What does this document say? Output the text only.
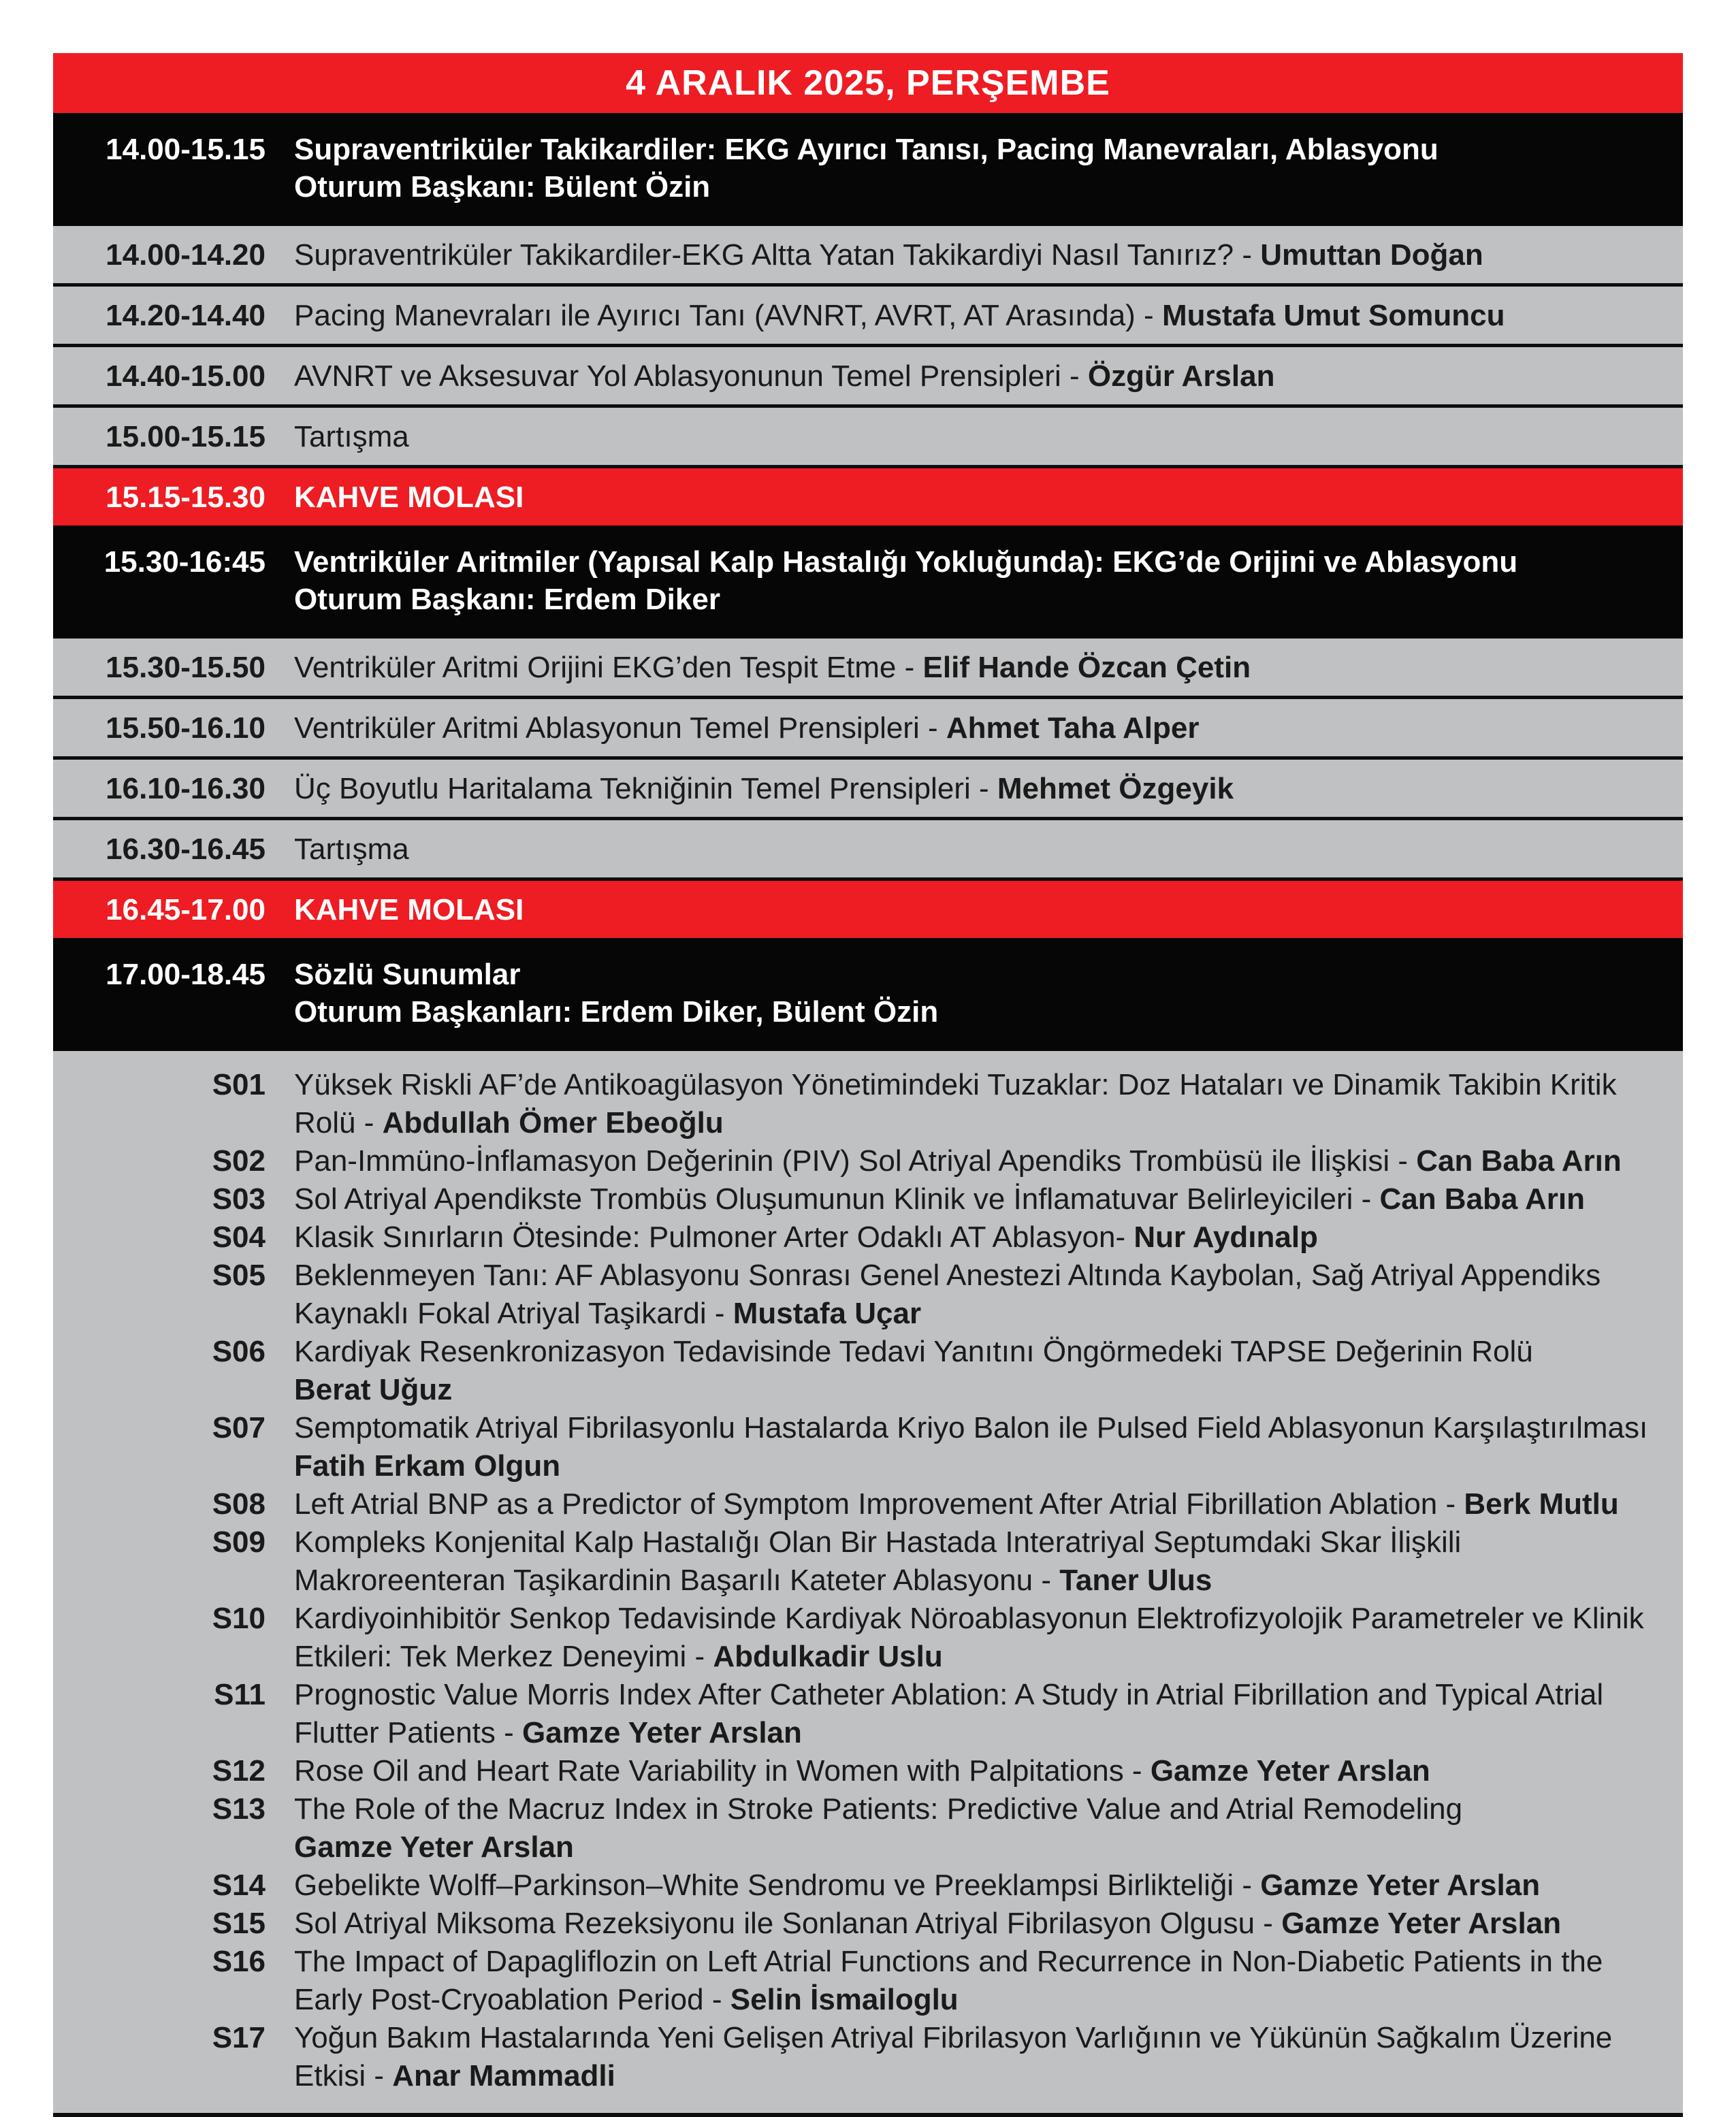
4 ARALIK 2025, PERŞEMBE
14.00-15.15 Supraventriküler Takikardiler: EKG Ayırıcı Tanısı, Pacing Manevraları, Ablasyonu
Oturum Başkanı: Bülent Özin
14.00-14.20 Supraventriküler Takikardiler-EKG Altta Yatan Takikardiyi Nasıl Tanırız? - Umuttan Doğan
14.20-14.40 Pacing Manevraları ile Ayırıcı Tanı (AVNRT, AVRT, AT Arasında) - Mustafa Umut Somuncu
14.40-15.00 AVNRT ve Aksesuvar Yol Ablasyonunun Temel Prensipleri - Özgür Arslan
15.00-15.15 Tartışma
15.15-15.30 KAHVE MOLASI
15.30-16:45 Ventriküler Aritmiler (Yapısal Kalp Hastalığı Yokluğunda): EKG’de Orijini ve Ablasyonu
Oturum Başkanı: Erdem Diker
15.30-15.50 Ventriküler Aritmi Orijini EKG’den Tespit Etme - Elif Hande Özcan Çetin
15.50-16.10 Ventriküler Aritmi Ablasyonun Temel Prensipleri - Ahmet Taha Alper
16.10-16.30 Üç Boyutlu Haritalama Tekniğinin Temel Prensipleri - Mehmet Özgeyik
16.30-16.45 Tartışma
16.45-17.00 KAHVE MOLASI
17.00-18.45 Sözlü Sunumlar
Oturum Başkanları: Erdem Diker, Bülent Özin
S01 Yüksek Riskli AF’de Antikoagülasyon Yönetimindeki Tuzaklar: Doz Hataları ve Dinamik Takibin Kritik Rolü - Abdullah Ömer Ebeoğlu
S02 Pan-Immüno-İnflamasyon Değerinin (PIV) Sol Atriyal Apendiks Trombüsü ile İlişkisi - Can Baba Arın
S03 Sol Atriyal Apendikste Trombüs Oluşumunun Klinik ve İnflamatuvar Belirleyicileri - Can Baba Arın
S04 Klasik Sınırların Ötesinde: Pulmoner Arter Odaklı AT Ablasyon- Nur Aydınalp
S05 Beklenmeyen Tanı: AF Ablasyonu Sonrası Genel Anestezi Altında Kaybolan, Sağ Atriyal Appendiks Kaynaklı Fokal Atriyal Taşikardi - Mustafa Uçar
S06 Kardiyak Resenkronizasyon Tedavisinde Tedavi Yanıtını Öngörmedeki TAPSE Değerinin Rolü
Berat Uğuz
S07 Semptomatik Atriyal Fibrilasyonlu Hastalarda Kriyo Balon ile Pulsed Field Ablasyonun Karşılaştırılması
Fatih Erkam Olgun
S08 Left Atrial BNP as a Predictor of Symptom Improvement After Atrial Fibrillation Ablation - Berk Mutlu
S09 Kompleks Konjenital Kalp Hastalığı Olan Bir Hastada Interatriyal Septumdaki Skar İlişkili Makroreenteran Taşikardinin Başarılı Kateter Ablasyonu - Taner Ulus
S10 Kardiyoinhibitör Senkop Tedavisinde Kardiyak Nöroablasyonun Elektrofizyolojik Parametreler ve Klinik Etkileri: Tek Merkez Deneyimi - Abdulkadir Uslu
S11 Prognostic Value Morris Index After Catheter Ablation: A Study in Atrial Fibrillation and Typical Atrial Flutter Patients - Gamze Yeter Arslan
S12 Rose Oil and Heart Rate Variability in Women with Palpitations - Gamze Yeter Arslan
S13 The Role of the Macruz Index in Stroke Patients: Predictive Value and Atrial Remodeling
Gamze Yeter Arslan
S14 Gebelikte Wolff–Parkinson–White Sendromu ve Preeklampsi Birlikteliği - Gamze Yeter Arslan
S15 Sol Atriyal Miksoma Rezeksiyonu ile Sonlanan Atriyal Fibrilasyon Olgusu - Gamze Yeter Arslan
S16 The Impact of Dapagliflozin on Left Atrial Functions and Recurrence in Non-Diabetic Patients in the Early Post-Cryoablation Period - Selin İsmailoglu
S17 Yoğun Bakım Hastalarında Yeni Gelişen Atriyal Fibrilasyon Varlığının ve Yükünün Sağkalım Üzerine Etkisi - Anar Mammadli
